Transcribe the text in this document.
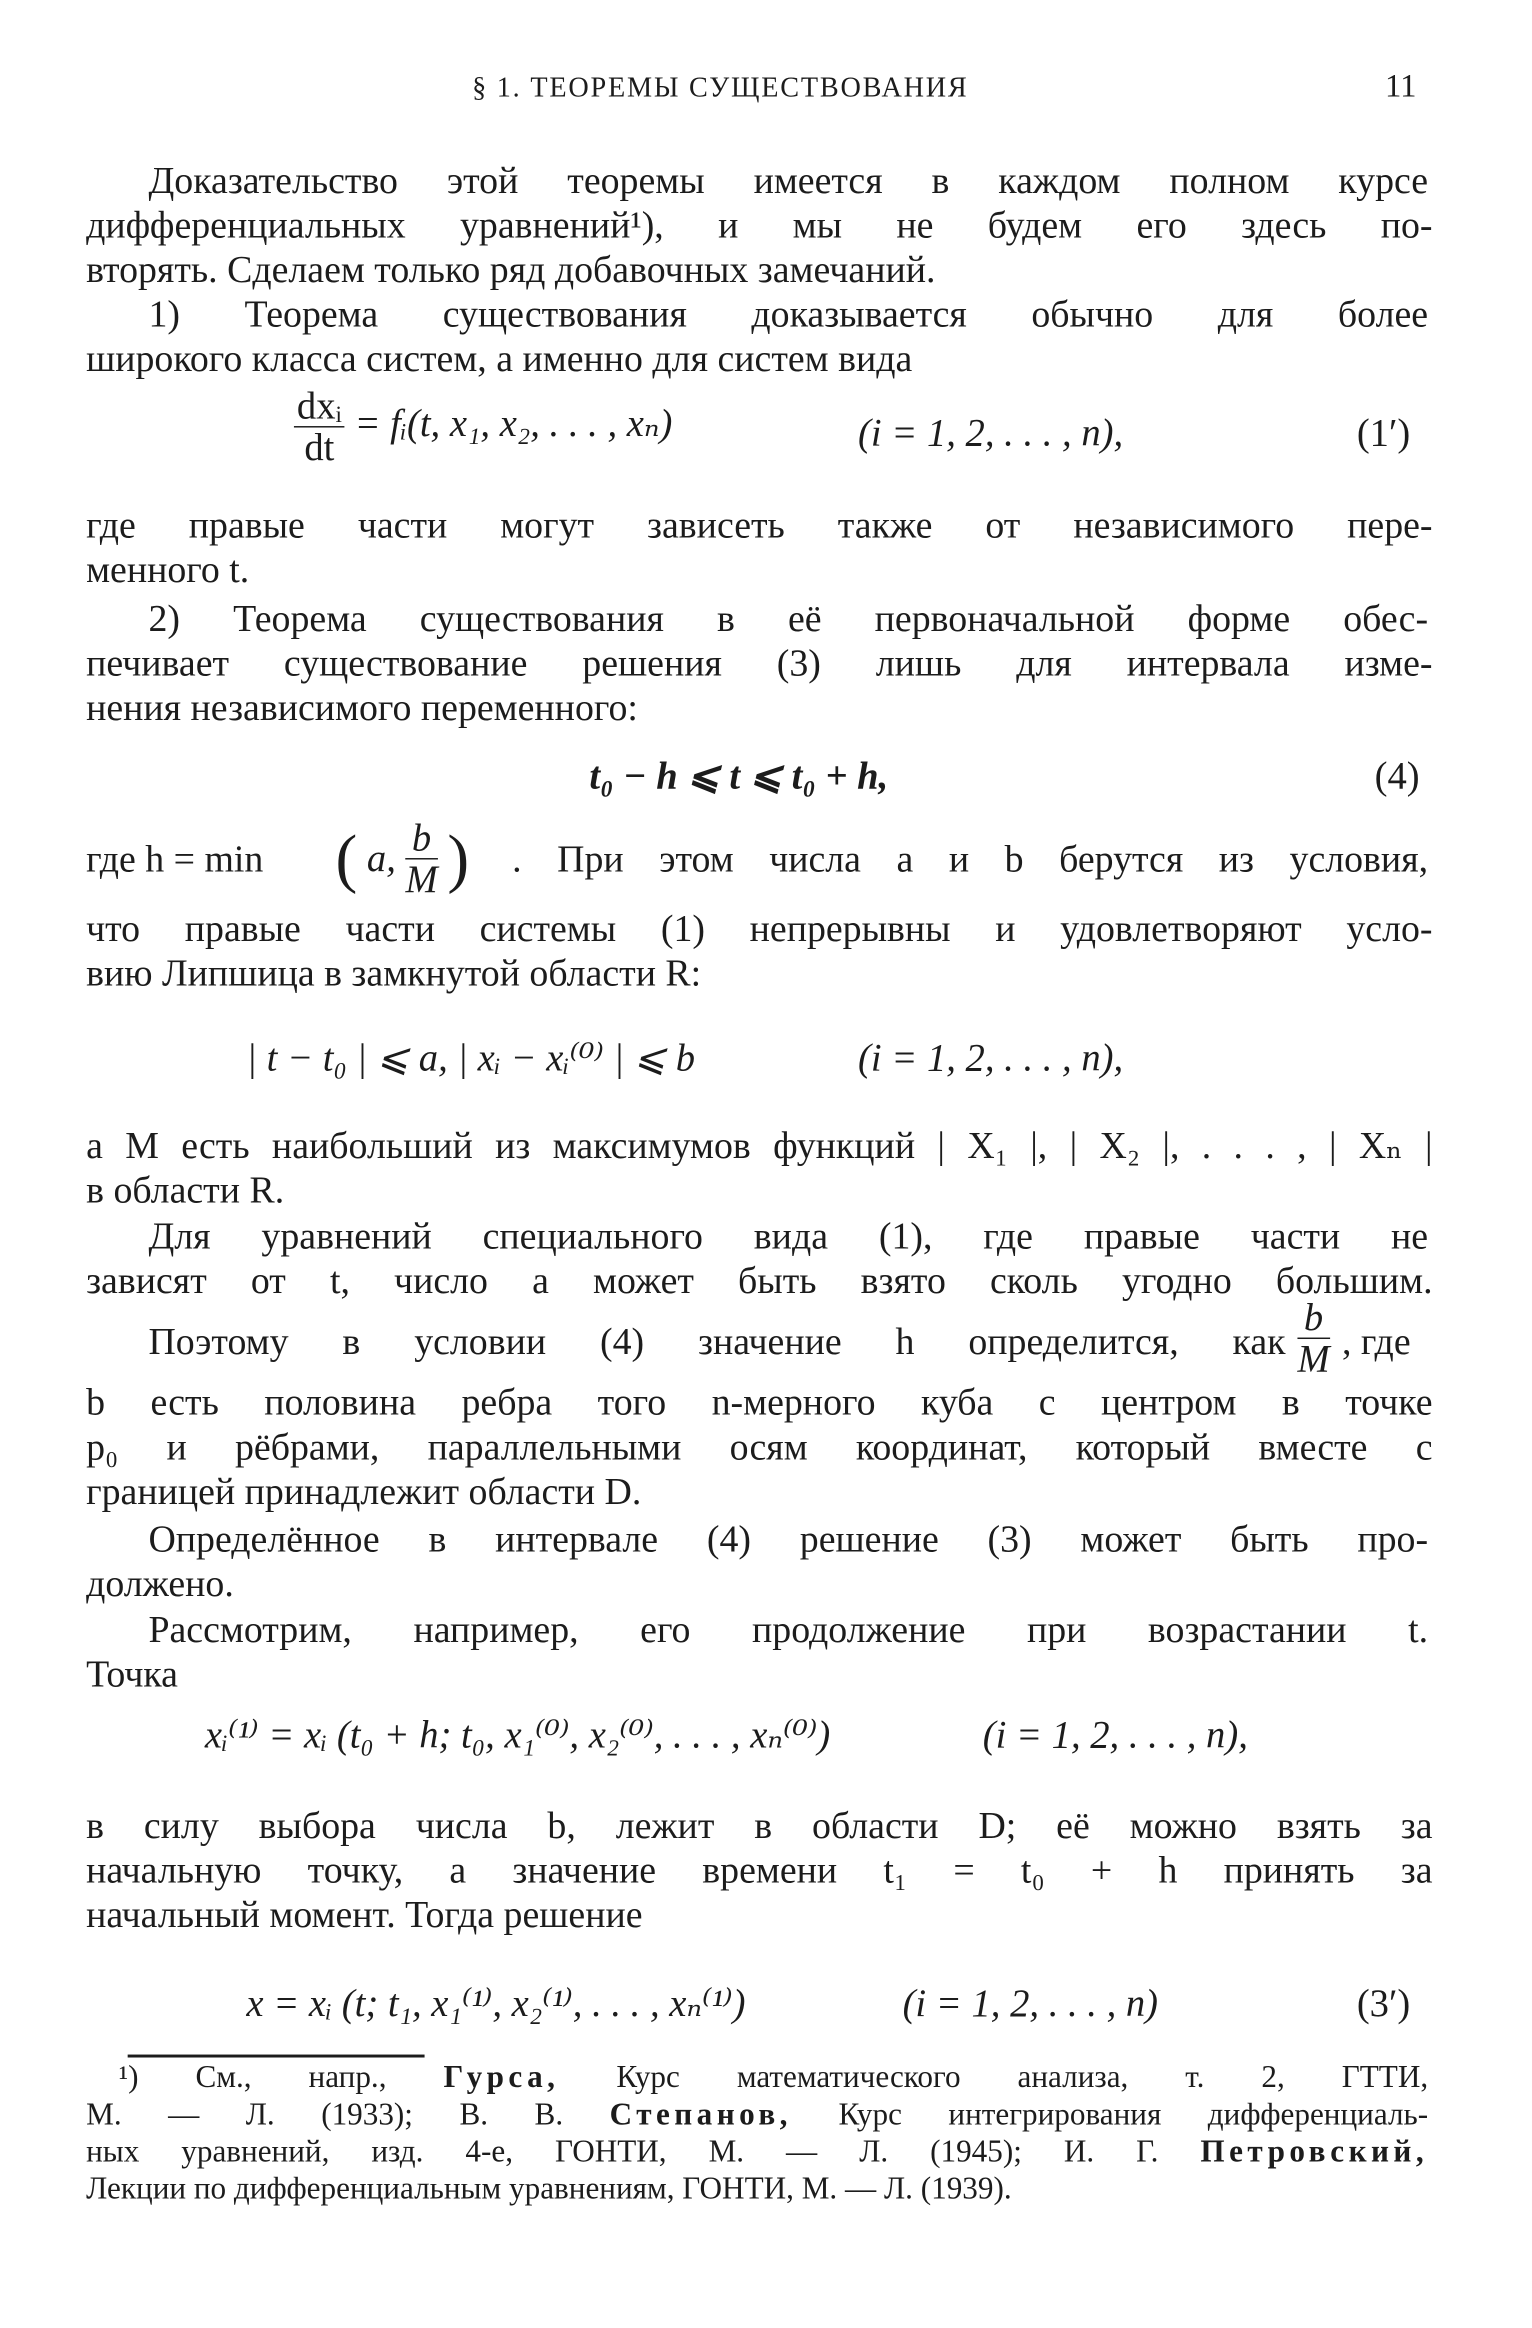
§ 1. ТЕОРЕМЫ СУЩЕСТВОВАНИЯ	11
Доказательство этой теоремы имеется в каждом полном курсе
дифференциальных уравнений¹), и мы не будем его здесь по-
вторять. Сделаем только ряд добавочных замечаний.
1) Теорема существования доказывается обычно для более
широкого класса систем, а именно для систем вида
$\frac{\text{dxᵢ}}{dt}$ = fᵢ(t, x₁, x₂, . . . , xₙ)	(i = 1, 2, . . . , n),	(1′)
где правые части могут зависеть также от независимого пере-
менного t.
2) Теорема существования в её первоначальной форме обес-
печивает существование решения (3) лишь для интервала изме-
нения независимого переменного:
t₀ − h ⩽ t ⩽ t₀ + h,	(4)
где h = min ( a, $\frac{b}{M}$ ) . При этом числа a и b берутся из условия,
что правые части системы (1) непрерывны и удовлетворяют усло-
вию Липшица в замкнутой области R:
| t − t₀ | ⩽ a, | xᵢ − xᵢ⁽⁰⁾ | ⩽ b	(i = 1, 2, . . . , n),
а M есть наибольший из максимумов функций | X₁ |, | X₂ |, . . . , | Xₙ |
в области R.
Для уравнений специального вида (1), где правые части не
зависят от t, число a может быть взято сколь угодно большим.
Поэтому в условии (4) значение h определится, как $\frac{b}{M}$ , где
b есть половина ребра того n-мерного куба с центром в точке
p₀ и рёбрами, параллельными осям координат, который вместе с
границей принадлежит области D.
Определённое в интервале (4) решение (3) может быть про-
должено.
Рассмотрим, например, его продолжение при возрастании t.
Точка
xᵢ⁽¹⁾ = xᵢ (t₀ + h; t₀, x₁⁽⁰⁾, x₂⁽⁰⁾, . . . , xₙ⁽⁰⁾)	(i = 1, 2, . . . , n),
в силу выбора числа b, лежит в области D; её можно взять за
начальную точку, а значение времени t₁ = t₀ + h принять за
начальный момент. Тогда решение
x = xᵢ (t; t₁, x₁⁽¹⁾, x₂⁽¹⁾, . . . , xₙ⁽¹⁾)	(i = 1, 2, . . . , n)	(3′)
¹) См., напр.,	Гурса,	Курс математического анализа, т. 2, ГТТИ,
М. — Л. (1933); В. В. Степанов, Курс интегрирования дифференциаль-
ных уравнений, изд. 4-е, ГОНТИ, М. — Л. (1945); И. Г. Петровский,
Лекции по дифференциальным уравнениям, ГОНТИ, М. — Л. (1939).
